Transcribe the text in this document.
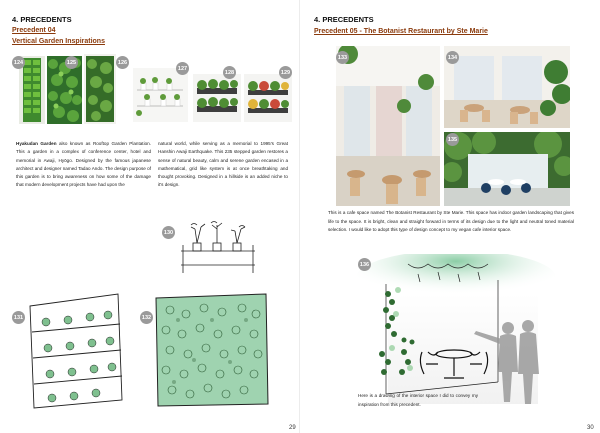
4. PRECEDENTS
Precedent 04
Vertical Garden Inspirations
124	125	126
127
128	129
Hyakudan Garden also known as Rooftop Garden Plantation. This a garden in a complex of conference center, hotel and memorial in Awaji, Hyōgo. Designed by the famous japanese architect and designer named Tadao Ando. The design purpose of this garden is to bring awareness on how some of the damage that modern development projects have had upon the
natural world, while serving as a memorial to 1995's Great Hanshin Awaji Earthquake. This 235 stepped garden restores a sense of natural beauty, calm and serene garden encased in a mathematical, grid like system is at once breathtaking and thought provoking. Designed in a hillside is an added niche to it's design.
130
131	132
29
4. PRECEDENTS
Precedent 05 - The Botanist Restaurant by Ste Marie
133	134
135
This is a cafe space named The Botanist Restaurant by Ste Marie. This space has indoor garden landscaping that gives life to the space. It is bright, clean and straight forward in terms of its design due to the light and neutral toned material selection. I would like to adopt this type of design concept to my vegan cafe interior space.
136
Here is a drawing of the interior space I did to convey my inspiration from this precedent.
30
